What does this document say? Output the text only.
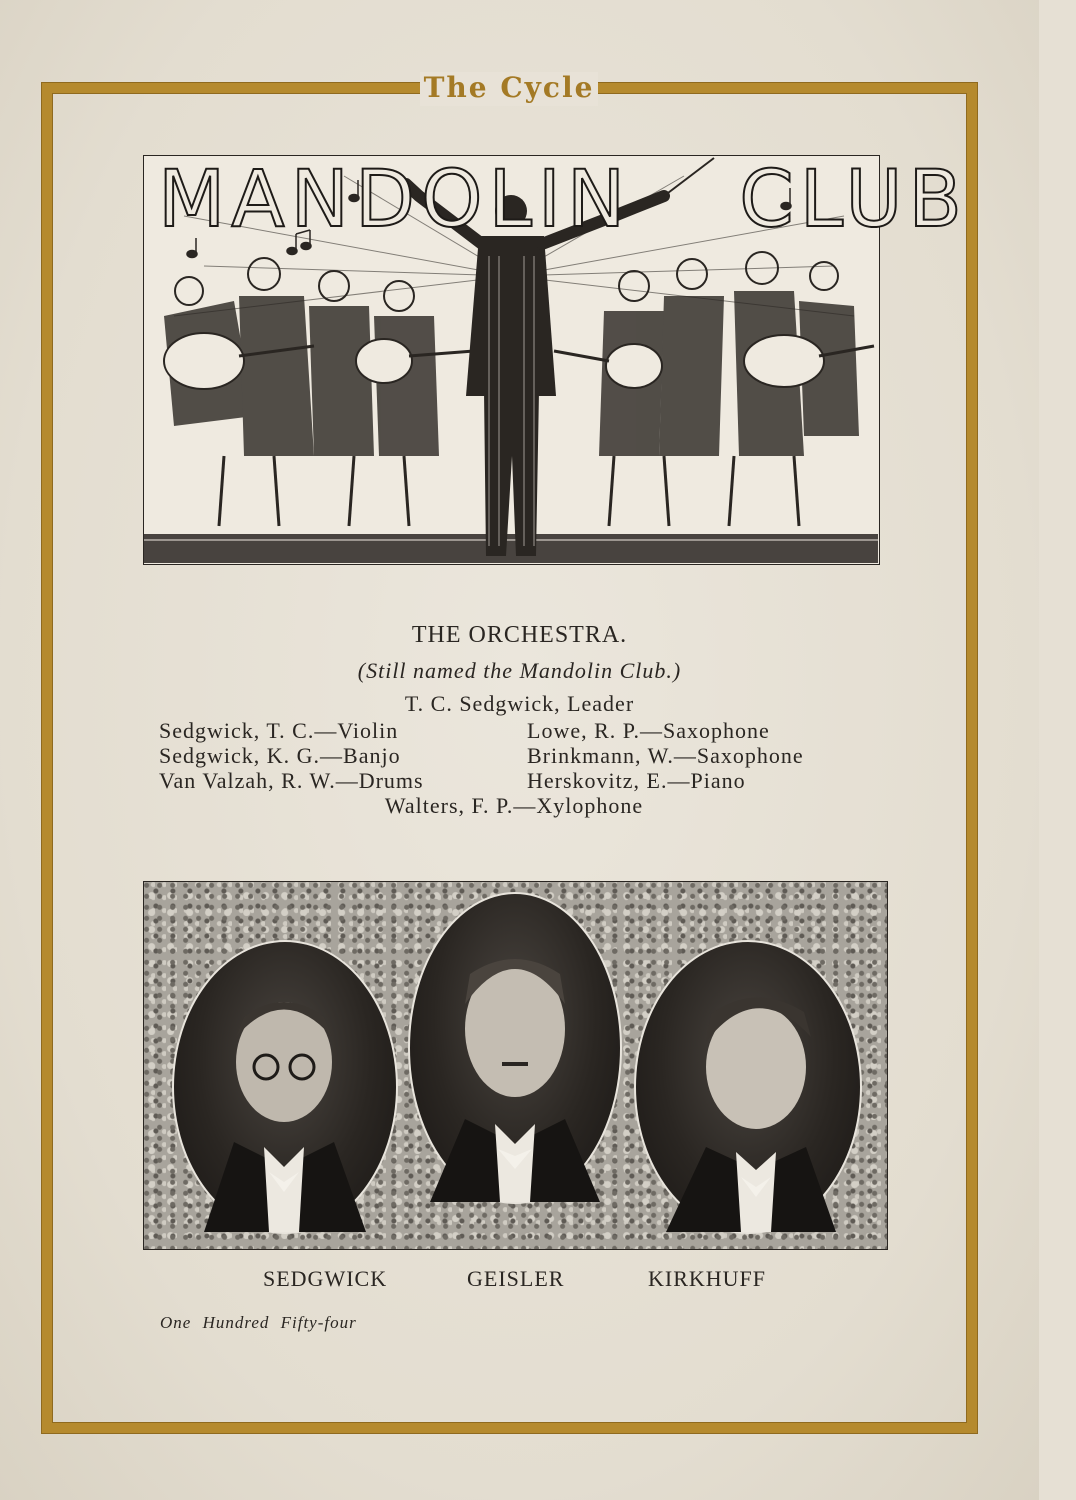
The Cycle
MANDOLIN CLUB
THE ORCHESTRA.
(Still named the Mandolin Club.)
T. C. Sedgwick, Leader
Sedgwick, T. C.—Violin
Sedgwick, K. G.—Banjo
Van Valzah, R. W.—Drums
Lowe, R. P.—Saxophone
Brinkmann, W.—Saxophone
Herskovitz, E.—Piano
Walters, F. P.—Xylophone
SEDGWICK	GEISLER	KIRKHUFF
One Hundred Fifty-four
